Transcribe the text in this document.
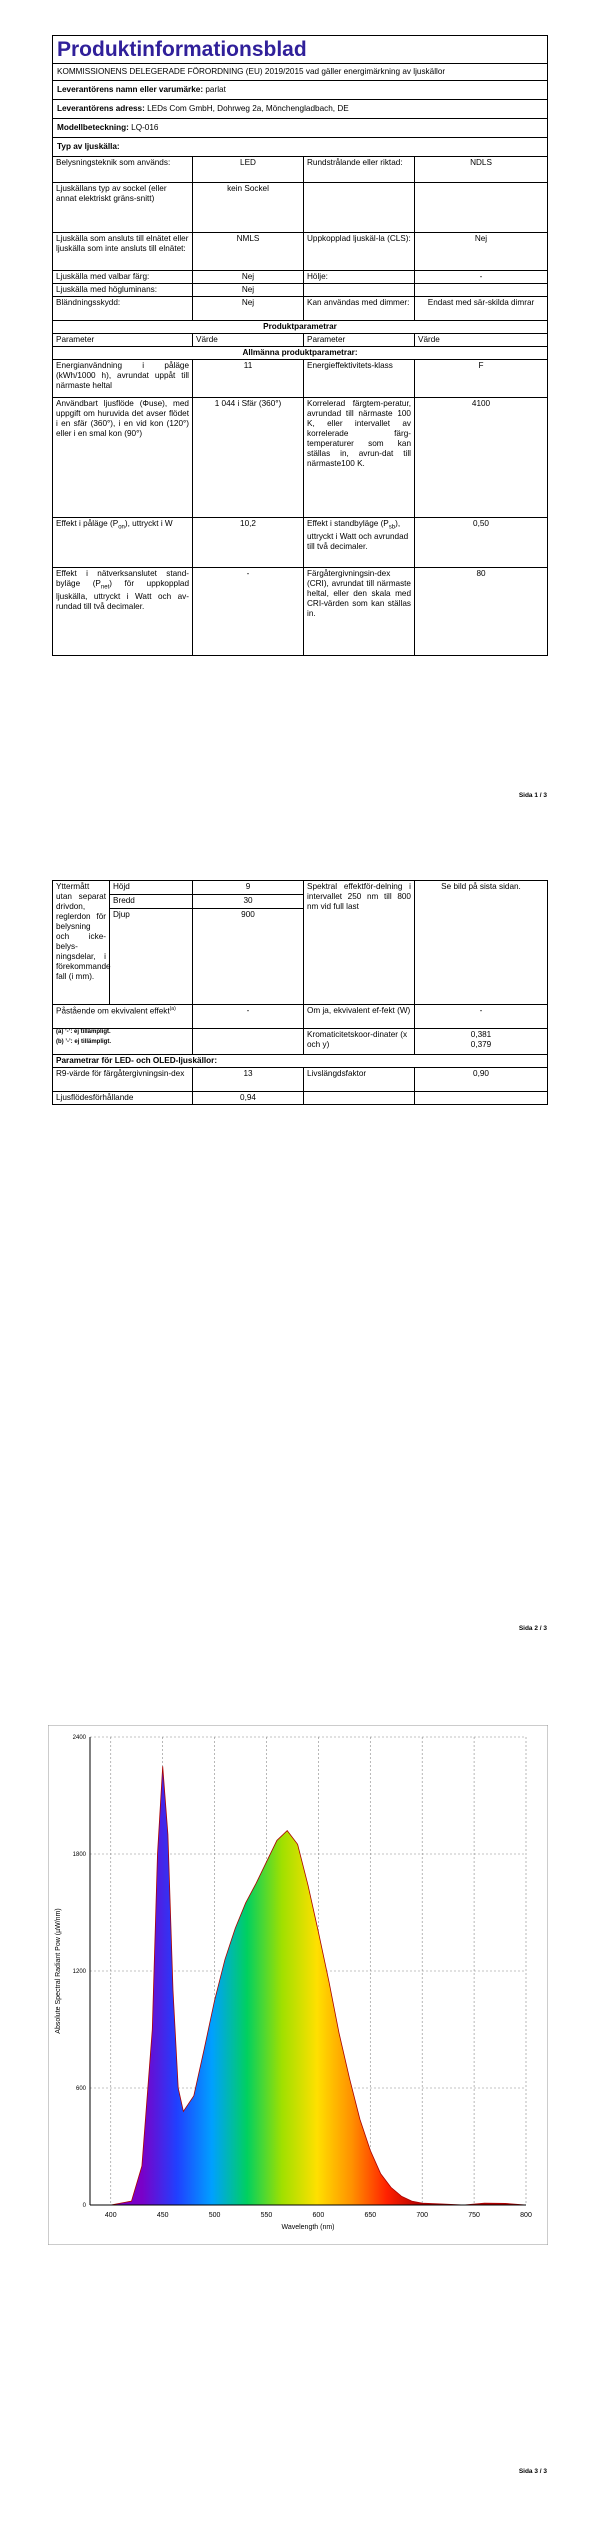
Produktinformationsblad			
KOMMISSIONENS DELEGERADE FÖRORDNING (EU) 2019/2015 vad gäller energimärkning av ljuskällor			
Leverantörens namn eller varumärke: parlat			
Leverantörens adress: LEDs Com GmbH, Dohrweg 2a, Mönchengladbach, DE			
Modellbeteckning: LQ-016			
Typ av ljuskälla:			
Belysningsteknik som används:	LED	Rundstrålande eller riktad:	NDLS
Ljuskällans typ av sockel (eller annat elektriskt gräns-snitt)	kein Sockel		
Ljuskälla som ansluts till elnätet eller ljuskälla som inte ansluts till elnätet:	NMLS	Uppkopplad ljuskäl-la (CLS):	Nej
Ljuskälla med valbar färg:	Nej	Hölje:	-
Ljuskälla med högluminans:	Nej		
Bländningsskydd:	Nej	Kan användas med dimmer:	Endast med sär-skilda dimrar
Produktparametrar			
Parameter	Värde	Parameter	Värde
Allmänna produktparametrar:			
Energianvändning i påläge (kWh/1000 h), avrundat uppåt till närmaste heltal	11	Energieffektivitets-klass	F
Användbart ljusflöde (Φuse), med uppgift om huruvida det avser flödet i en sfär (360°), i en vid kon (120°) eller i en smal kon (90°)	1 044 i Sfär (360°)	Korrelerad färgtem-peratur, avrundad till närmaste 100 K, eller intervallet av korrelerade färg-temperaturer som kan ställas in, avrun-dat till närmaste100 K.	4100
Effekt i påläge $(P_{on})$, uttryckt i W	10,2	Effekt i standbyläge $(P_{sb})$, uttryckt i Watt och avrundad till två decimaler.	0,50
Effekt i nätverksanslutet stand-byläge $(P_{net})$ för uppkopplad ljuskälla, uttryckt i Watt och av-rundad till två decimaler.	-	Färgåtergivningsin-dex (CRI), avrundat till närmaste heltal, eller den skala med CRI-värden som kan ställas in.	80
Sida 1 / 3
Yttermått utan separat drivdon, reglerdon för belysning och icke-belys-ningsdelar, i förekommande fall (i mm).	Höjd	9	Spektral effektför-delning i intervallet 250 nm till 800 nm vid full last	Se bild på sista sidan.
	Bredd	30		
	Djup	900		
Påstående om ekvivalent effekt$^{(a)}$		-	Om ja, ekvivalent ef-fekt (W)	-
			Kromaticitetskoor-dinater (x och y)	0,381
0,379

Parametrar för LED- och OLED-ljuskällor:				
R9-värde för färgåtergivningsin-dex		13	Livslängdsfaktor	0,90
Ljusflödesförhållande		0,94		
(a) ’-’: ej tillämpligt.
(b) ’-’: ej tillämpligt.
Sida 2 / 3
400	450	500	550	600	650	700	750	800
0
600
1200
1800
2400
Wavelength (nm)
Absolute Spectral Radiant Pow (µW/nm)
Sida 3 / 3
